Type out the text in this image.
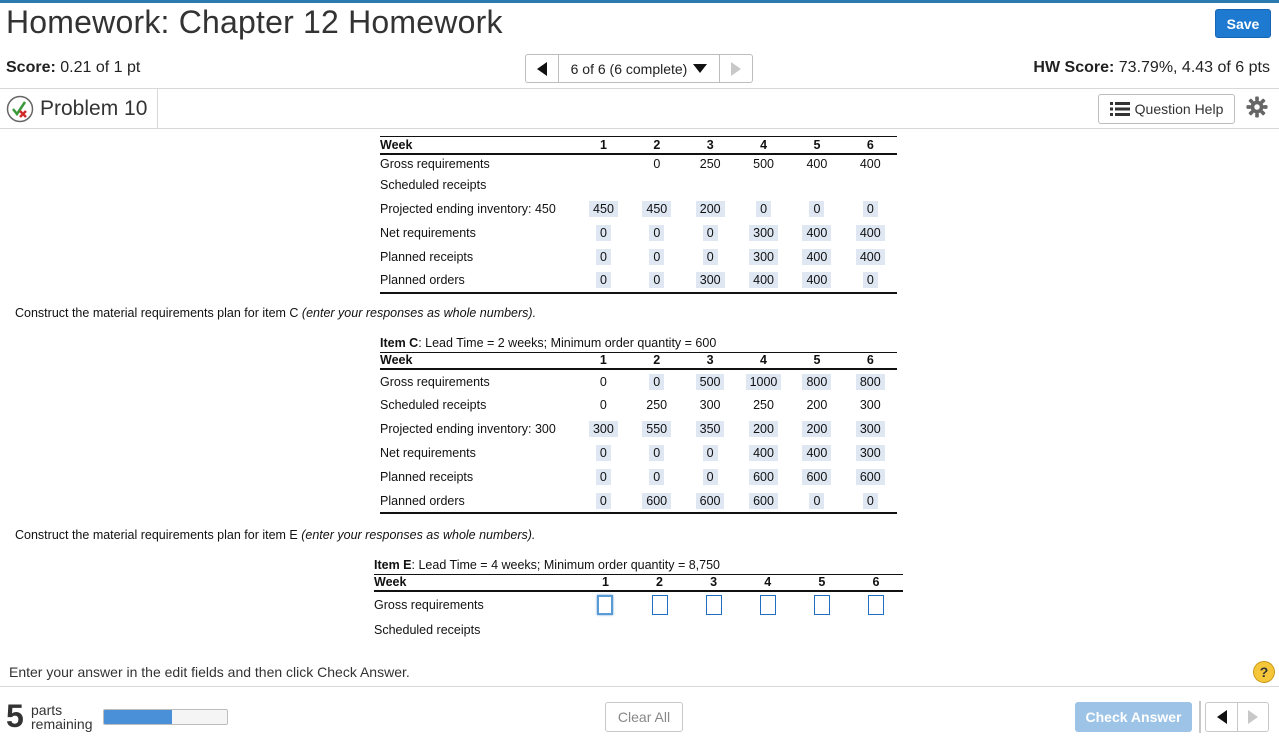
Homework: Chapter 12 Homework	Save
Score: 0.21 of 1 pt	6 of 6 (6 complete)	HW Score: 73.79%, 4.43 of 6 pts
Problem 10	Question Help
Week	1	2	3	4	5	6
Gross requirements		0	250	500	400	400
Scheduled receipts						
Projected ending inventory: 450	450	450	200	0	0	0
Net requirements	0	0	0	300	400	400
Planned receipts	0	0	0	300	400	400
Planned orders	0	0	300	400	400	0
Construct the material requirements plan for item C (enter your responses as whole numbers).
Item C: Lead Time = 2 weeks; Minimum order quantity = 600						
Week	1	2	3	4	5	6
Gross requirements	0	0	500	1000	800	800
Scheduled receipts	0	250	300	250	200	300
Projected ending inventory: 300	300	550	350	200	200	300
Net requirements	0	0	0	400	400	300
Planned receipts	0	0	0	600	600	600
Planned orders	0	600	600	600	0	0
Construct the material requirements plan for item E (enter your responses as whole numbers).
Item E: Lead Time = 4 weeks; Minimum order quantity = 8,750						
Week	1	2	3	4	5	6
Gross requirements						
Scheduled receipts						
Enter your answer in the edit fields and then click Check Answer.	?
5 parts
remaining	Clear All	Check Answer
